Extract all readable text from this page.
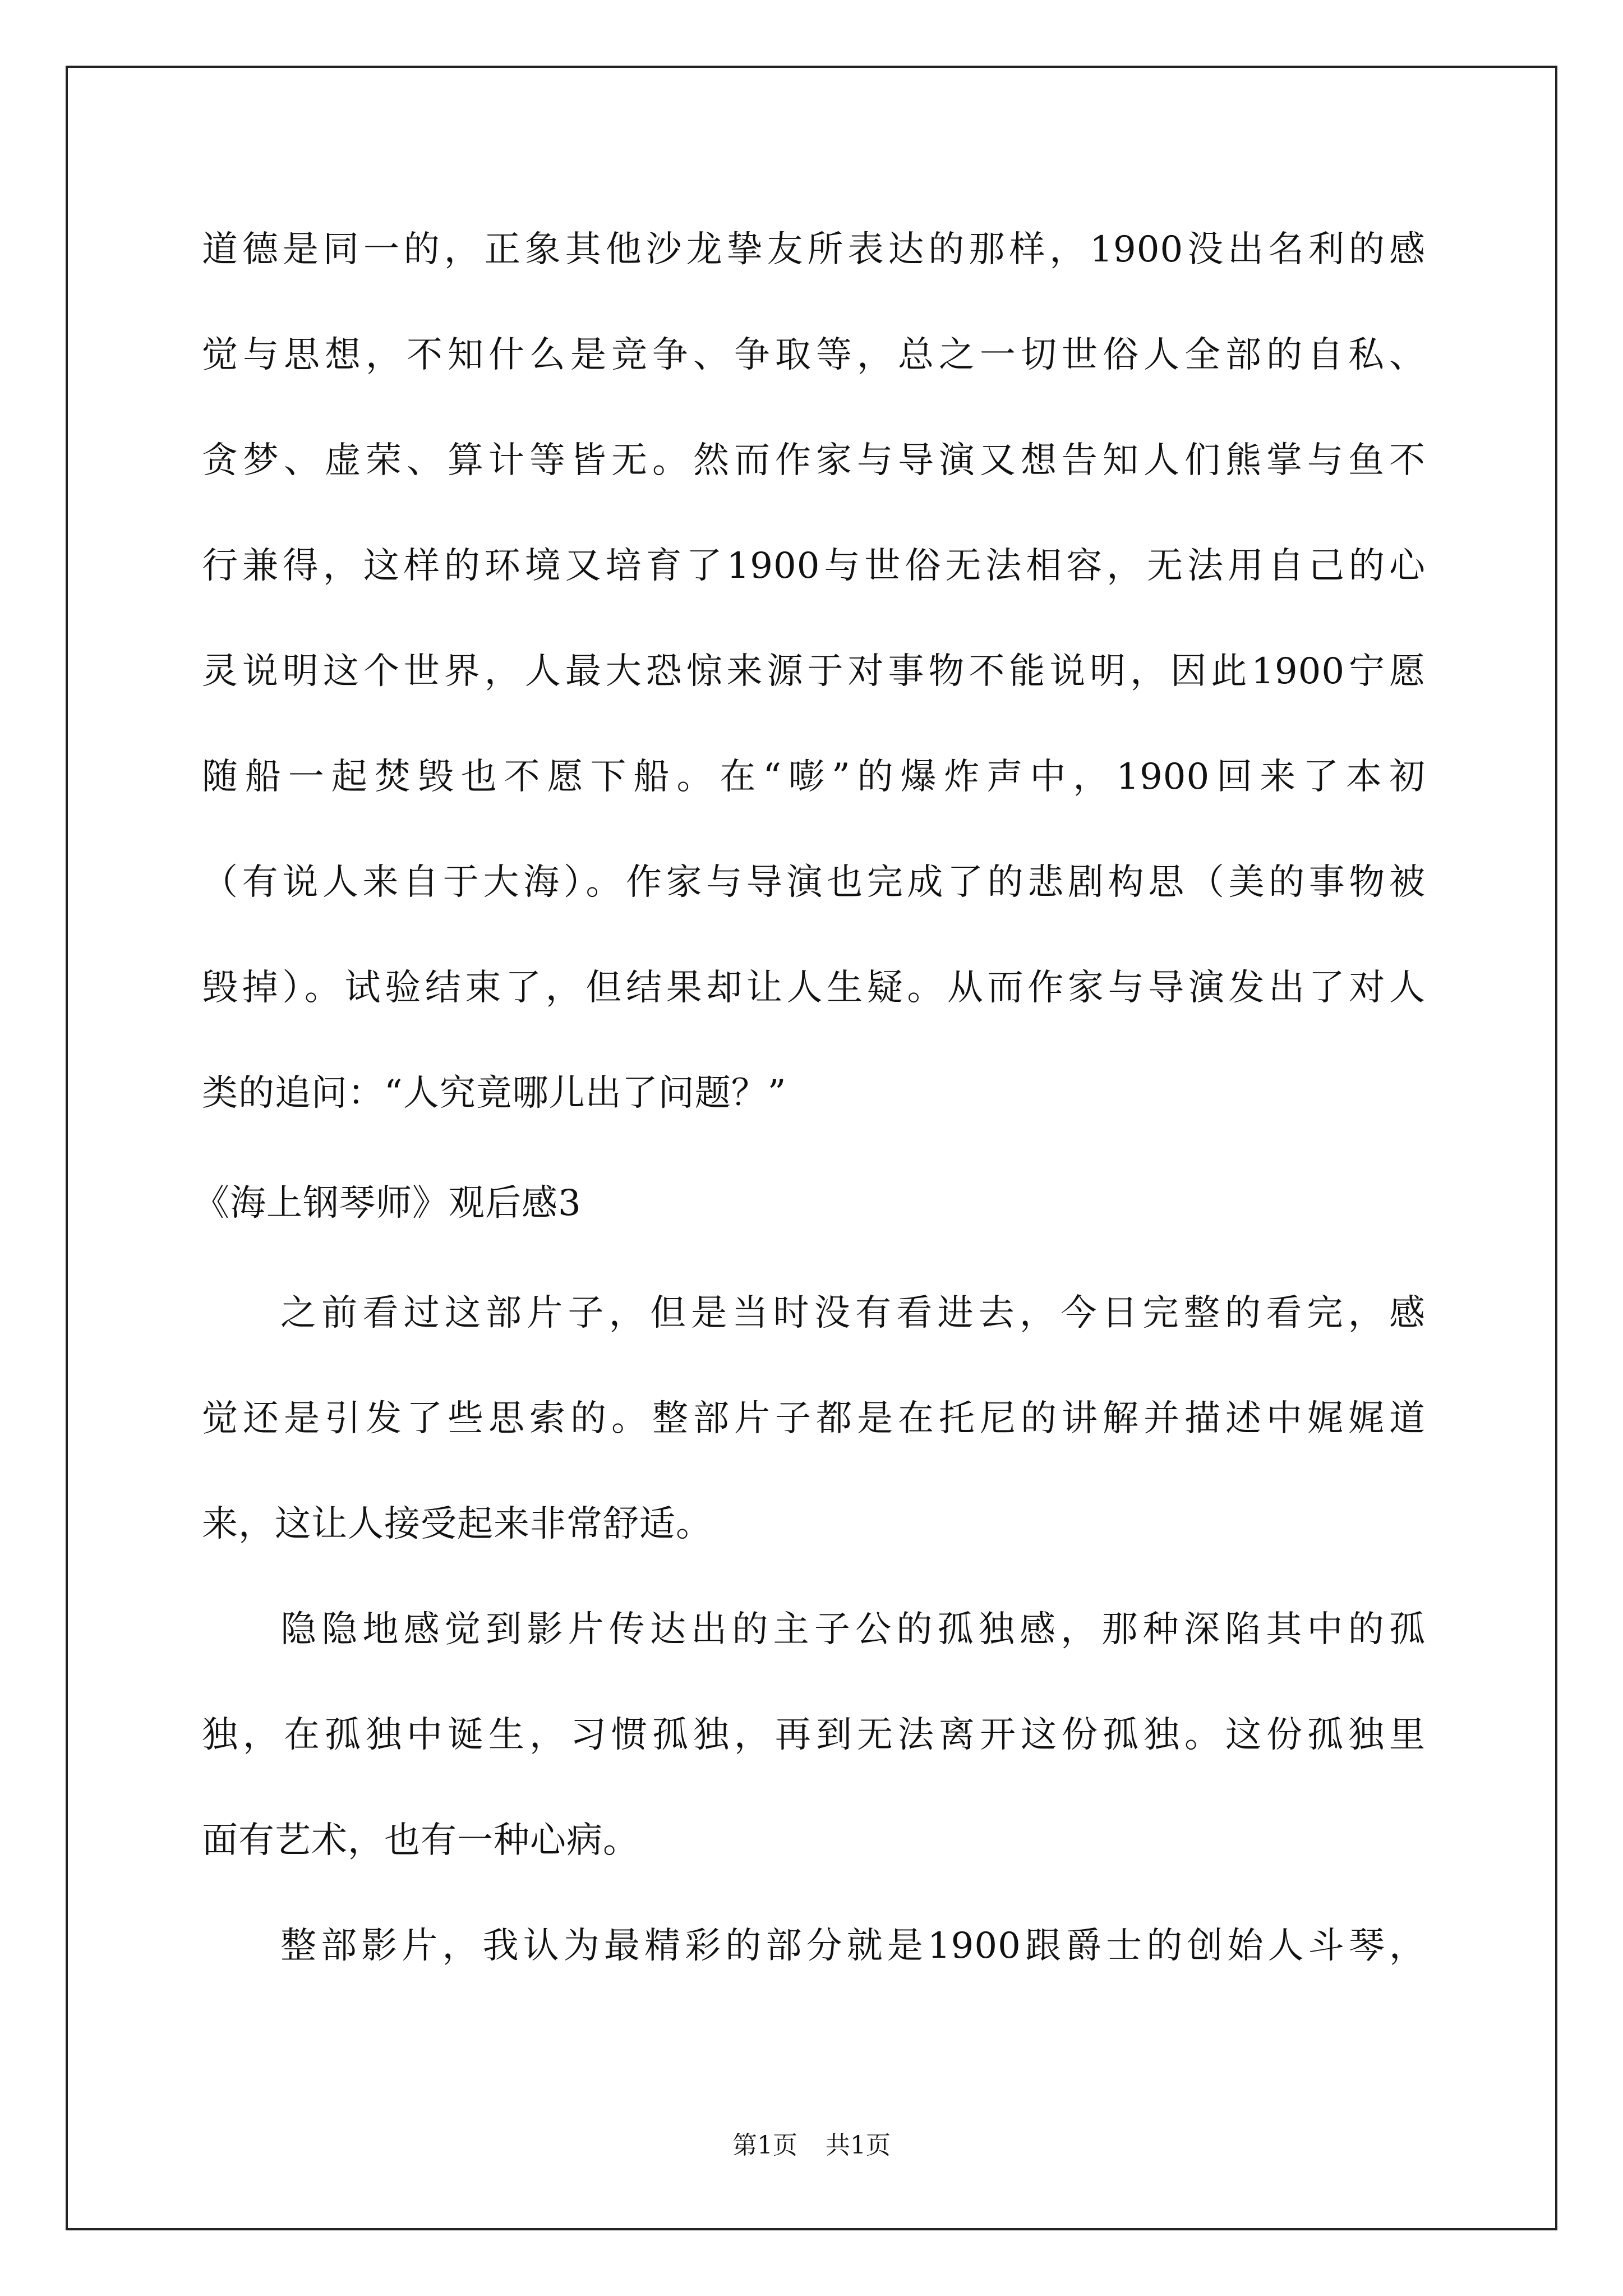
道德是同一的，正象其他沙龙挚友所表达的那样，1900没出名利的感
觉与思想，不知什么是竞争、争取等，总之一切世俗人全部的自私、
贪梦、虚荣、算计等皆无。然而作家与导演又想告知人们熊掌与鱼不
行兼得，这样的环境又培育了1900与世俗无法相容，无法用自己的心
灵说明这个世界，人最大恐惊来源于对事物不能说明，因此1900宁愿
随船一起焚毁也不愿下船。在“嘭”的爆炸声中，1900回来了本初
（有说人来自于大海）。作家与导演也完成了的悲剧构思（美的事物被
毁掉）。试验结束了，但结果却让人生疑。从而作家与导演发出了对人
类的追问：“人究竟哪儿出了问题？”
《海上钢琴师》观后感3
之前看过这部片子，但是当时没有看进去，今日完整的看完，感
觉还是引发了些思索的。整部片子都是在托尼的讲解并描述中娓娓道
来，这让人接受起来非常舒适。
隐隐地感觉到影片传达出的主子公的孤独感，那种深陷其中的孤
独，在孤独中诞生，习惯孤独，再到无法离开这份孤独。这份孤独里
面有艺术，也有一种心病。
整部影片，我认为最精彩的部分就是1900跟爵士的创始人斗琴，
第1页 共1页
